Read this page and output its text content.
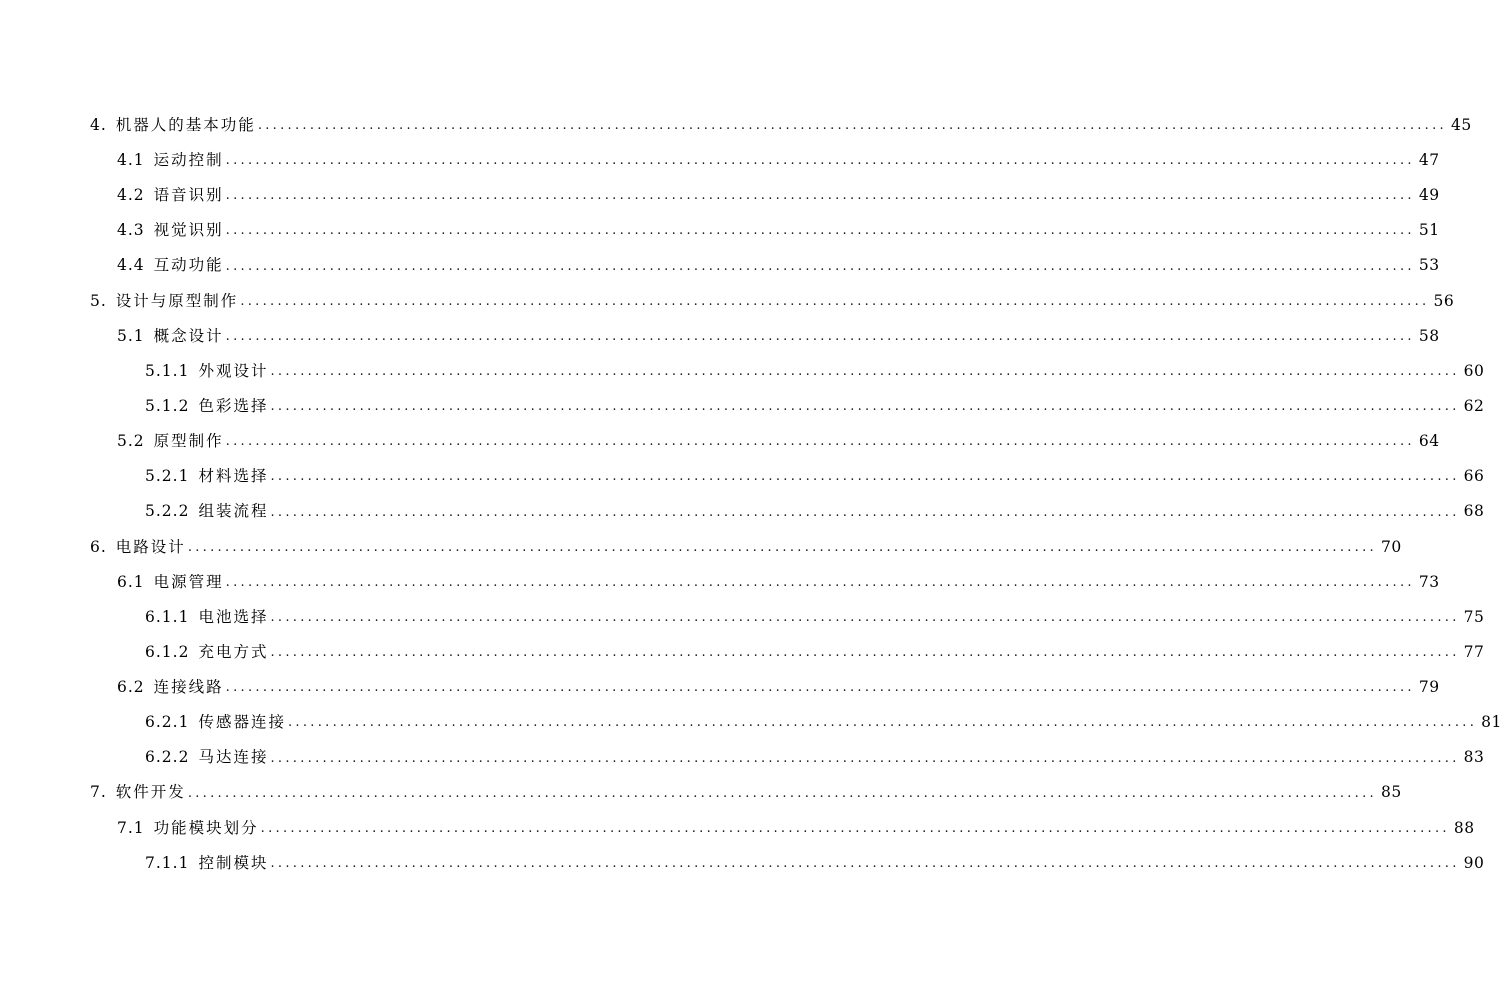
4. 机器人的基本功能 ................................................................................................................................................................ 45
4.1 运动控制 ................................................................................................................................................................ 47
4.2 语音识别 ................................................................................................................................................................ 49
4.3 视觉识别 ................................................................................................................................................................ 51
4.4 互动功能 ................................................................................................................................................................ 53
5. 设计与原型制作 ................................................................................................................................................................ 56
5.1 概念设计 ................................................................................................................................................................ 58
5.1.1 外观设计 ................................................................................................................................................................ 60
5.1.2 色彩选择 ................................................................................................................................................................ 62
5.2 原型制作 ................................................................................................................................................................ 64
5.2.1 材料选择 ................................................................................................................................................................ 66
5.2.2 组装流程 ................................................................................................................................................................ 68
6. 电路设计 ................................................................................................................................................................ 70
6.1 电源管理 ................................................................................................................................................................ 73
6.1.1 电池选择 ................................................................................................................................................................ 75
6.1.2 充电方式 ................................................................................................................................................................ 77
6.2 连接线路 ................................................................................................................................................................ 79
6.2.1 传感器连接 ................................................................................................................................................................ 81
6.2.2 马达连接 ................................................................................................................................................................ 83
7. 软件开发 ................................................................................................................................................................ 85
7.1 功能模块划分 ................................................................................................................................................................ 88
7.1.1 控制模块 ................................................................................................................................................................ 90
